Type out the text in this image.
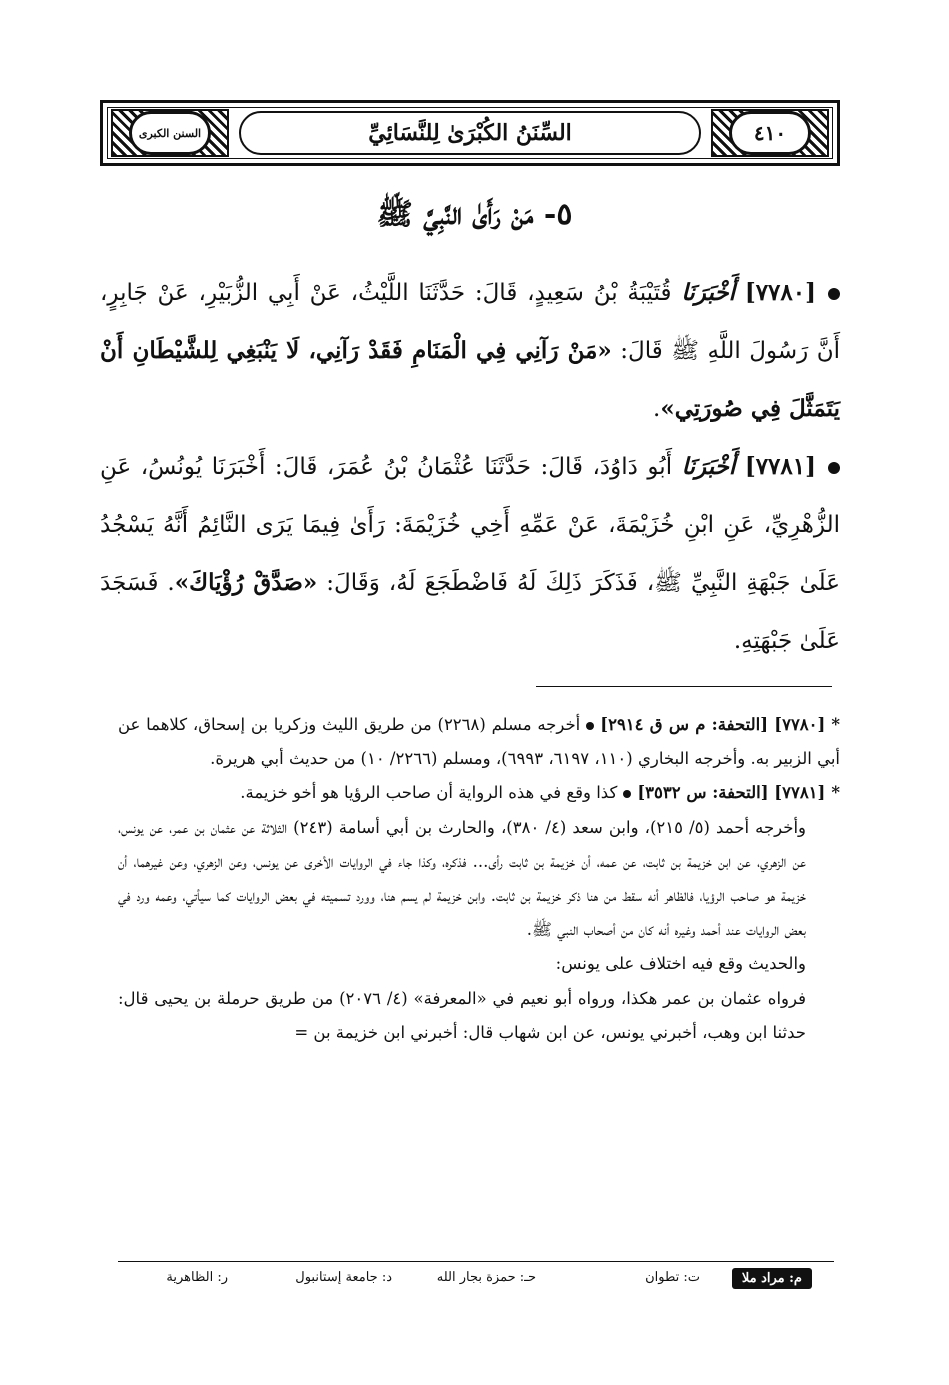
السنن الكبرى	السِّنَنُ الكُبْرَىٰ لِلنَّسَائِيِّ	٤١٠
٥- مَنْ رَأَىٰ النَّبِيَّ ﷺ
[٧٧٨٠] أَخْبَرَنَا قُتَيْبَةُ بْنُ سَعِيدٍ، قَالَ: حَدَّثَنَا اللَّيْثُ، عَنْ أَبِي الزُّبَيْرِ، عَنْ جَابِرٍ، أَنَّ رَسُولَ اللَّهِ ﷺ قَالَ: «مَنْ رَآنِي فِي الْمَنَامِ فَقَدْ رَآنِي، لَا يَنْبَغِي لِلشَّيْطَانِ أَنْ يَتَمَثَّلَ فِي صُورَتِي».
[٧٧٨١] أَخْبَرَنَا أَبُو دَاوُدَ، قَالَ: حَدَّثَنَا عُثْمَانُ بْنُ عُمَرَ، قَالَ: أَخْبَرَنَا يُونُسُ، عَنِ الزُّهْرِيِّ، عَنِ ابْنِ خُزَيْمَةَ، عَنْ عَمِّهِ أَخِي خُزَيْمَةَ: رَأَىٰ فِيمَا يَرَى النَّائِمُ أَنَّهُ يَسْجُدُ عَلَىٰ جَبْهَةِ النَّبِيِّ ﷺ، فَذَكَرَ ذَلِكَ لَهُ فَاضْطَجَعَ لَهُ، وَقَالَ: «صَدَّقْ رُؤْيَاكَ». فَسَجَدَ عَلَىٰ جَبْهَتِهِ.

*[٧٧٨٠] [التحفة: م س ق ٢٩١٤]أخرجه مسلم (٢٢٦٨) من طريق الليث وزكريا بن إسحاق، كلاهما عن أبي الزبير به. وأخرجه البخاري (١١٠، ٦١٩٧، ٦٩٩٣)، ومسلم (٢٢٦٦/ ١٠) من حديث أبي هريرة.

*[٧٧٨١] [التحفة: س ٣٥٣٢]كذا وقع في هذه الرواية أن صاحب الرؤيا هو أخو خزيمة.

وأخرجه أحمد (٥/ ٢١٥)، وابن سعد (٤/ ٣٨٠)، والحارث بن أبي أسامة (٢٤٣) الثلاثة عن عثمان بن عمر، عن يونس، عن الزهري، عن ابن خزيمة بن ثابت، عن عمه، أن خزيمة بن ثابت رأى... فذكره، وكذا جاء في الروايات الأخرى عن يونس، وعن الزهري، وعن غيرهما، أن خزيمة هو صاحب الرؤيا، فالظاهر أنه سقط من هنا ذكر خزيمة بن ثابت. وابن خزيمة لم يسم هنا، وورد تسميته في بعض الروايات كما سيأتي، وعمه ورد في بعض الروايات عند أحمد وغيره أنه كان من أصحاب النبي ﷺ.

والحديث وقع فيه اختلاف على يونس:

فرواه عثمان بن عمر هكذا، ورواه أبو نعيم في «المعرفة» (٤/ ٢٠٧٦) من طريق حرملة بن يحيى قال: حدثنا ابن وهب، أخبرني يونس، عن ابن شهاب قال: أخبرني ابن خزيمة بن =

م: مراد ملا
ت: تطوان
حـ: حمزة بجار الله
د: جامعة إستانبول
ر: الظاهرية
